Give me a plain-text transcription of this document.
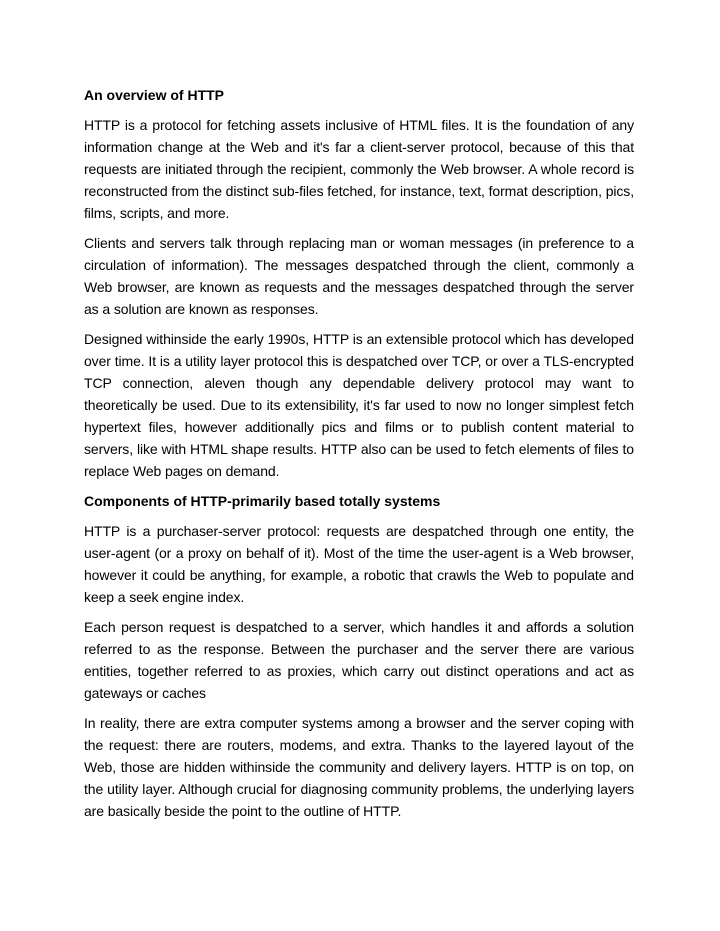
An overview of HTTP

HTTP is a protocol for fetching assets inclusive of HTML files. It is the foundation of any information change at the Web and it's far a client-server protocol, because of this that requests are initiated through the recipient, commonly the Web browser. A whole record is reconstructed from the distinct sub-files fetched, for instance, text, format description, pics, films, scripts, and more.

Clients and servers talk through replacing man or woman messages (in preference to a circulation of information). The messages despatched through the client, commonly a Web browser, are known as requests and the messages despatched through the server as a solution are known as responses.

Designed withinside the early 1990s, HTTP is an extensible protocol which has developed over time. It is a utility layer protocol this is despatched over TCP, or over a TLS-encrypted TCP connection, aleven though any dependable delivery protocol may want to theoretically be used. Due to its extensibility, it's far used to now no longer simplest fetch hypertext files, however additionally pics and films or to publish content material to servers, like with HTML shape results. HTTP also can be used to fetch elements of files to replace Web pages on demand.

Components of HTTP-primarily based totally systems

HTTP is a purchaser-server protocol: requests are despatched through one entity, the user-agent (or a proxy on behalf of it). Most of the time the user-agent is a Web browser, however it could be anything, for example, a robotic that crawls the Web to populate and keep a seek engine index.

Each person request is despatched to a server, which handles it and affords a solution referred to as the response. Between the purchaser and the server there are various entities, together referred to as proxies, which carry out distinct operations and act as gateways or caches

In reality, there are extra computer systems among a browser and the server coping with the request: there are routers, modems, and extra. Thanks to the layered layout of the Web, those are hidden withinside the community and delivery layers. HTTP is on top, on the utility layer. Although crucial for diagnosing community problems, the underlying layers are basically beside the point to the outline of HTTP.
